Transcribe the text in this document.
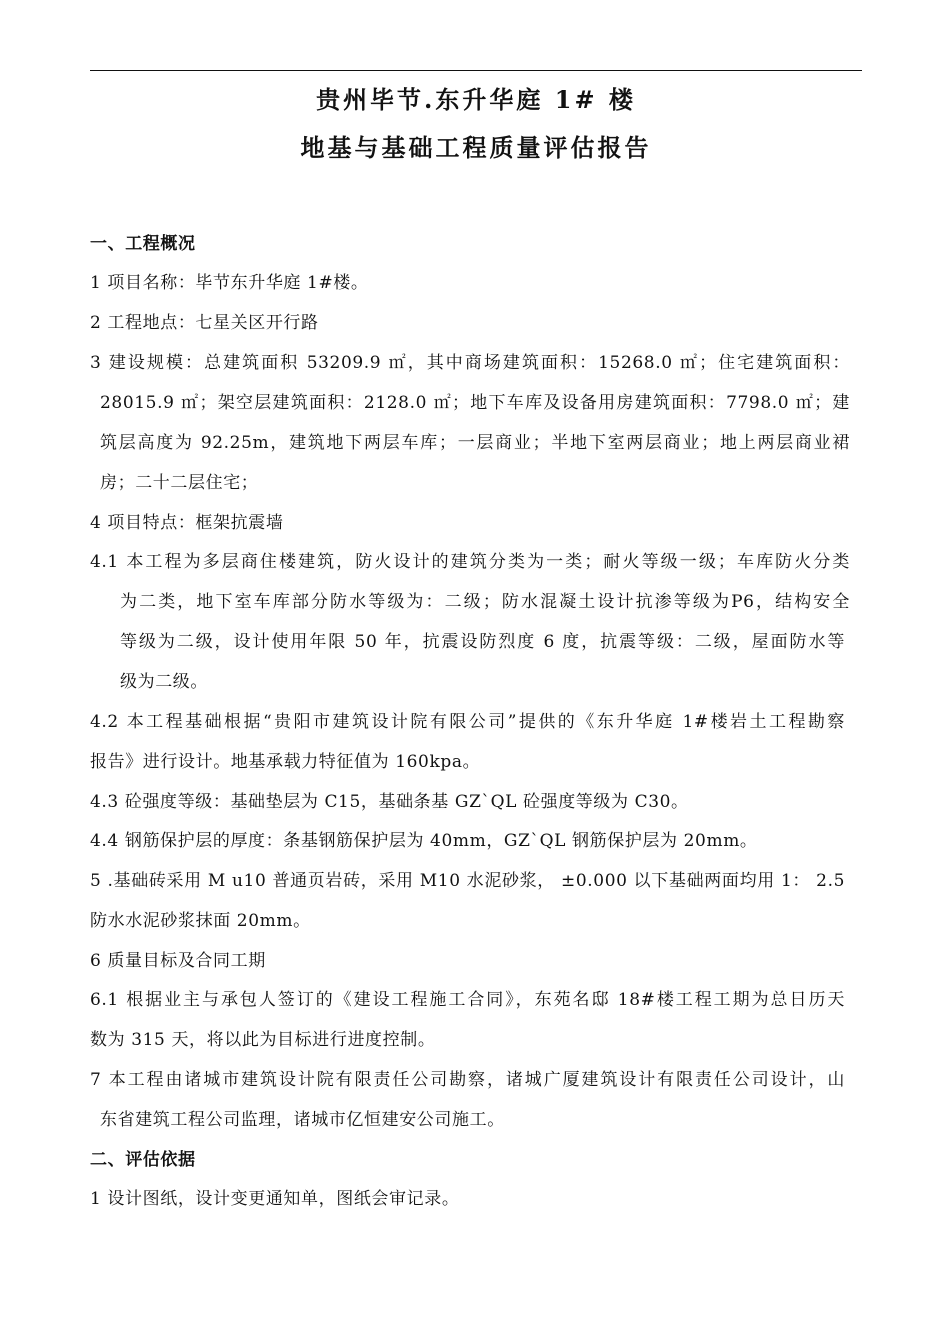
贵州毕节.东升华庭 1# 楼
地基与基础工程质量评估报告
一、工程概况
1 项目名称：毕节东升华庭 1#楼。
2 工程地点：七星关区开行路
3 建设规模：总建筑面积 53209.9 ㎡，其中商场建筑面积：15268.0 ㎡；住宅建筑面积：
28015.9 ㎡；架空层建筑面积：2128.0 ㎡；地下车库及设备用房建筑面积：7798.0 ㎡；建
筑层高度为 92.25m，建筑地下两层车库；一层商业；半地下室两层商业；地上两层商业裙
房；二十二层住宅；
4 项目特点：框架抗震墙
4.1 本工程为多层商住楼建筑，防火设计的建筑分类为一类；耐火等级一级；车库防火分类
为二类，地下室车库部分防水等级为：二级；防水混凝土设计抗渗等级为P6，结构安全
等级为二级，设计使用年限 50 年，抗震设防烈度 6 度，抗震等级：二级，屋面防水等
级为二级。
4.2 本工程基础根据“贵阳市建筑设计院有限公司”提供的《东升华庭 1#楼岩土工程勘察
报告》进行设计。地基承载力特征值为 160kpa。
4.3 砼强度等级：基础垫层为 C15，基础条基 GZ`QL 砼强度等级为 C30。
4.4 钢筋保护层的厚度：条基钢筋保护层为 40mm，GZ`QL 钢筋保护层为 20mm。
5 .基础砖采用 M u10 普通页岩砖，采用 M10 水泥砂浆， ±0.000 以下基础两面均用 1： 2.5
防水水泥砂浆抹面 20mm。
6 质量目标及合同工期
6.1 根据业主与承包人签订的《建设工程施工合同》，东苑名邸 18#楼工程工期为总日历天
数为 315 天，将以此为目标进行进度控制。
7 本工程由诸城市建筑设计院有限责任公司勘察，诸城广厦建筑设计有限责任公司设计，山
东省建筑工程公司监理，诸城市亿恒建安公司施工。
二、评估依据
1 设计图纸，设计变更通知单，图纸会审记录。
